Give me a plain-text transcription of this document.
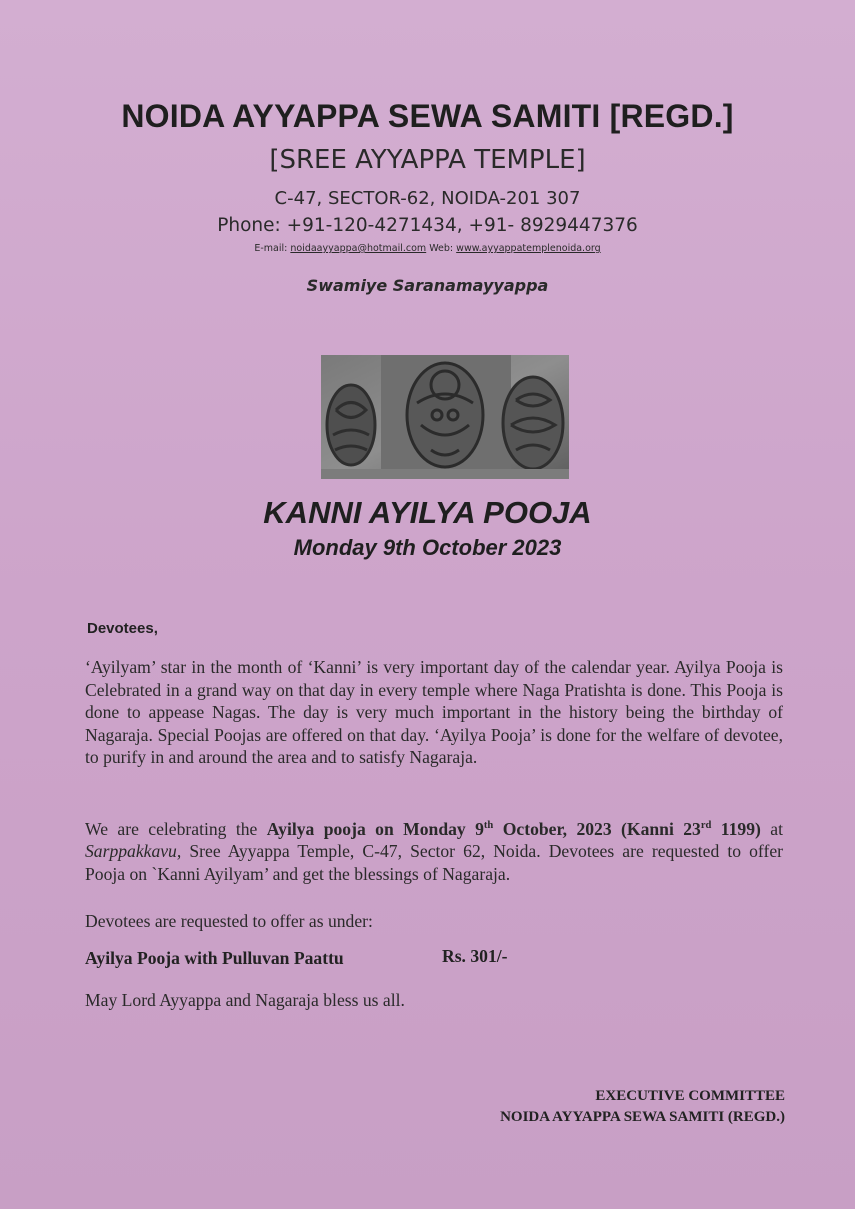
NOIDA AYYAPPA SEWA SAMITI [REGD.]
[SREE AYYAPPA TEMPLE]
C-47, SECTOR-62, NOIDA-201 307
Phone: +91-120-4271434, +91- 8929447376
E-mail: noidaayyappa@hotmail.com Web: www.ayyappatemplenoida.org
Swamiye Saranamayyappa
KANNI AYILYA POOJA
Monday 9th October 2023
Devotees,
‘Ayilyam’ star in the month of ‘Kanni’ is very important day of the calendar year. Ayilya Pooja is Celebrated in a grand way on that day in every temple where Naga Pratishta is done. This Pooja is done to appease Nagas. The day is very much important in the history being the birthday of Nagaraja. Special Poojas are offered on that day. ‘Ayilya Pooja’ is done for the welfare of devotee, to purify in and around the area and to satisfy Nagaraja.
We are celebrating the Ayilya pooja on Monday 9th October, 2023 (Kanni 23rd 1199) at Sarppakkavu, Sree Ayyappa Temple, C-47, Sector 62, Noida. Devotees are requested to offer Pooja on `Kanni Ayilyam’ and get the blessings of Nagaraja.
Devotees are requested to offer as under:
Ayilya Pooja with Pulluvan Paattu	Rs. 301/-
May Lord Ayyappa and Nagaraja bless us all.
EXECUTIVE COMMITTEE
NOIDA AYYAPPA SEWA SAMITI (REGD.)
